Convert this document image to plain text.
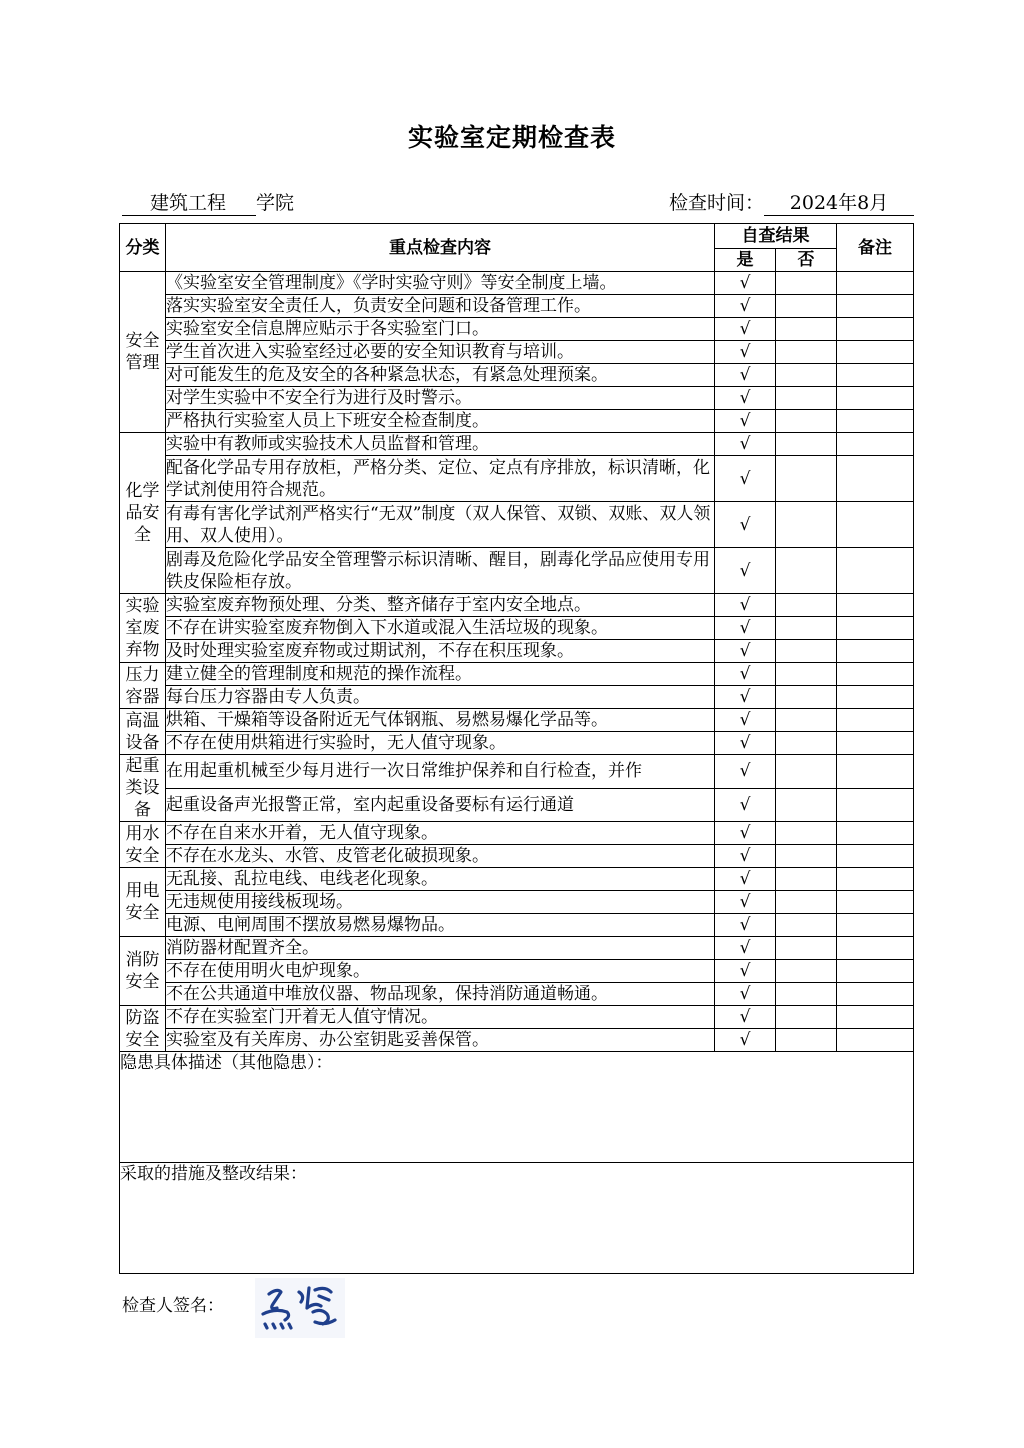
实验室定期检查表
建筑工程 学院	检查时间： 2024年8月
分类	重点检查内容	自查结果		备注
		是	否	
安全管理	《实验室安全管理制度》《学时实验守则》等安全制度上墙。	√		
	落实实验室安全责任人，负责安全问题和设备管理工作。	√		
	实验室安全信息牌应贴示于各实验室门口。	√		
	学生首次进入实验室经过必要的安全知识教育与培训。	√		
	对可能发生的危及安全的各种紧急状态，有紧急处理预案。	√		
	对学生实验中不安全行为进行及时警示。	√		
	严格执行实验室人员上下班安全检查制度。	√		
化学品安全	实验中有教师或实验技术人员监督和管理。	√		
	配备化学品专用存放柜，严格分类、定位、定点有序排放，标识清晰，化学试剂使用符合规范。	√		
	有毒有害化学试剂严格实行“无双”制度（双人保管、双锁、双账、双人领用、双人使用）。	√		
	剧毒及危险化学品安全管理警示标识清晰、醒目，剧毒化学品应使用专用铁皮保险柜存放。	√		
实验室废弃物	实验室废弃物预处理、分类、整齐储存于室内安全地点。	√		
	不存在讲实验室废弃物倒入下水道或混入生活垃圾的现象。	√		
	及时处理实验室废弃物或过期试剂，不存在积压现象。	√		
压力容器	建立健全的管理制度和规范的操作流程。	√		
	每台压力容器由专人负责。	√		
高温设备	烘箱、干燥箱等设备附近无气体钢瓶、易燃易爆化学品等。	√		
	不存在使用烘箱进行实验时，无人值守现象。	√		
起重类设备	在用起重机械至少每月进行一次日常维护保养和自行检查，并作	√		
	起重设备声光报警正常，室内起重设备要标有运行通道	√		
用水安全	不存在自来水开着，无人值守现象。	√		
	不存在水龙头、水管、皮管老化破损现象。	√		
用电安全	无乱接、乱拉电线、电线老化现象。	√		
	无违规使用接线板现场。	√		
	电源、电闸周围不摆放易燃易爆物品。	√		
消防安全	消防器材配置齐全。	√		
	不存在使用明火电炉现象。	√		
	不在公共通道中堆放仪器、物品现象，保持消防通道畅通。	√		
防盗安全	不存在实验室门开着无人值守情况。	√		
	实验室及有关库房、办公室钥匙妥善保管。	√		
隐患具体描述（其他隐患）：				
采取的措施及整改结果：				
检查人签名：
